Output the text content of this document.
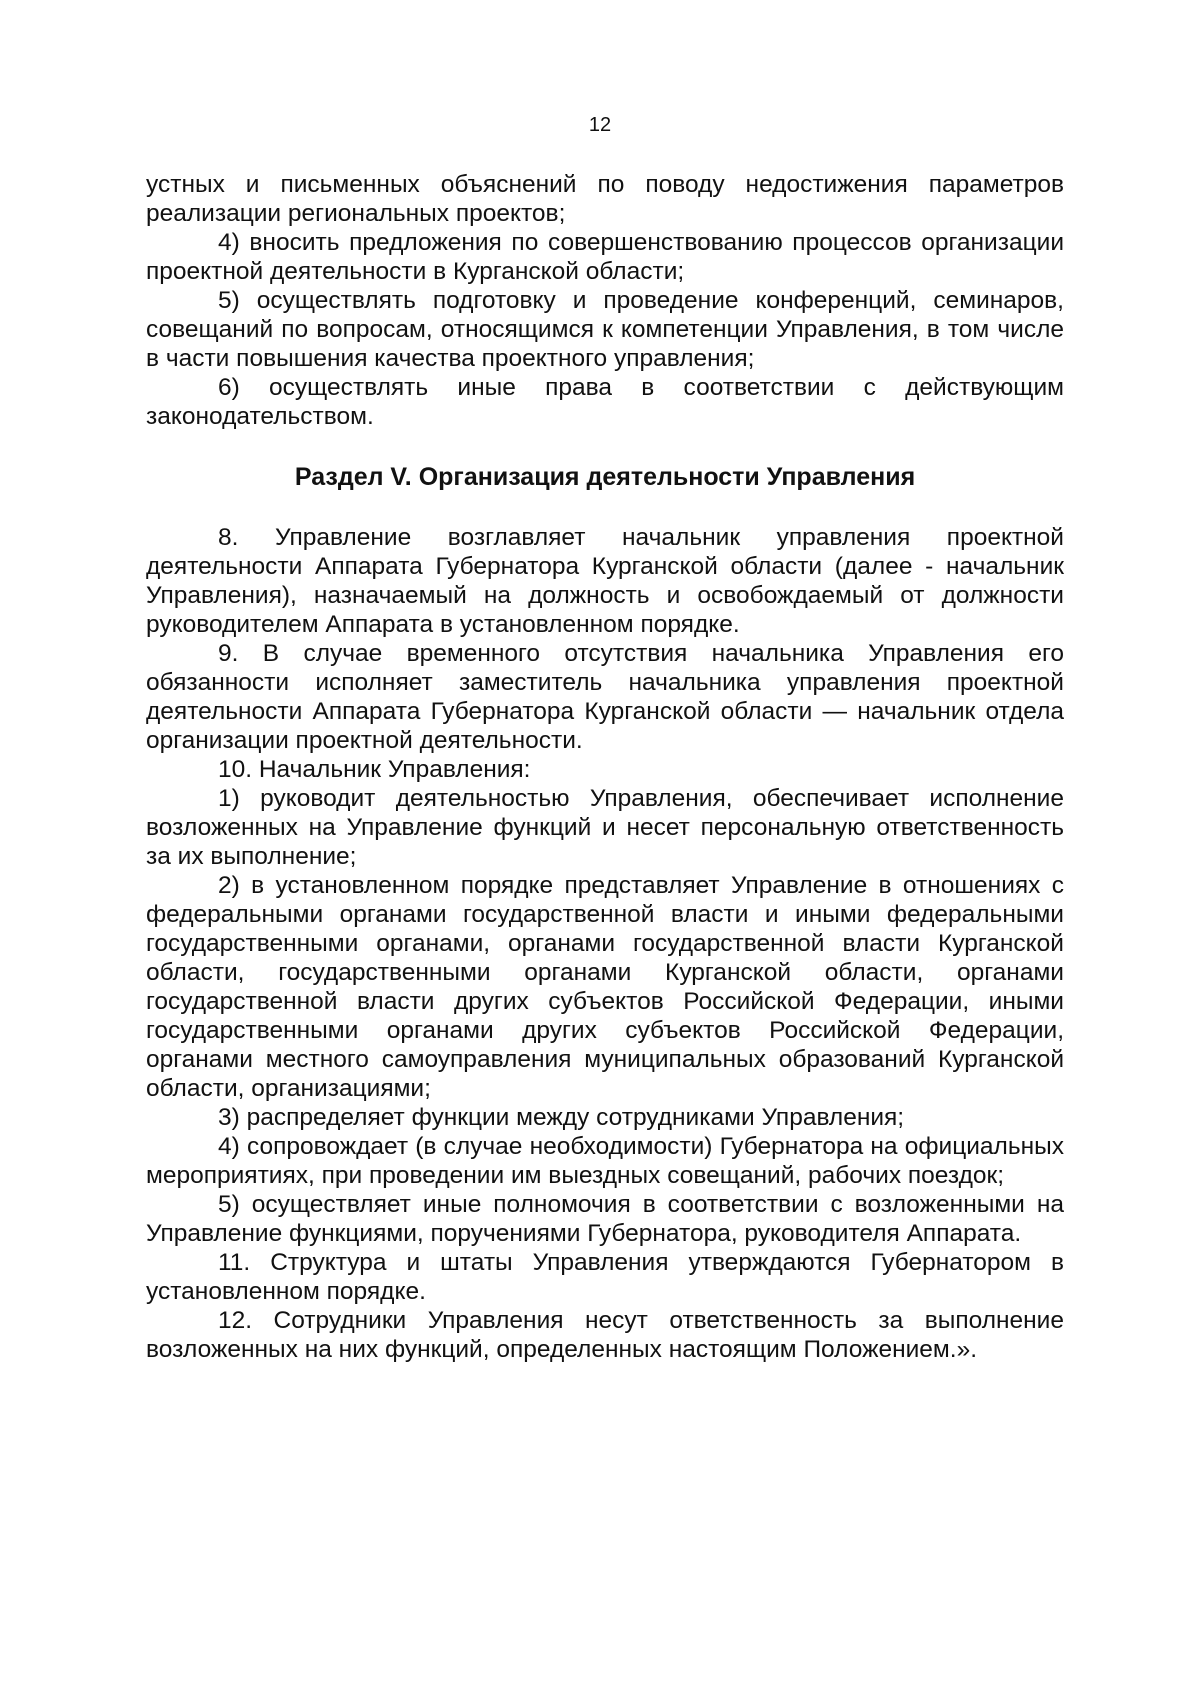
12

устных и письменных объяснений по поводу недостижения параметров реализации региональных проектов;

4) вносить предложения по совершенствованию процессов организации проектной деятельности в Курганской области;

5) осуществлять подготовку и проведение конференций, семинаров, совещаний по вопросам, относящимся к компетенции Управления, в том числе в части повышения качества проектного управления;

6) осуществлять иные права в соответствии с действующим законодательством.

Раздел V. Организация деятельности Управления

8. Управление возглавляет начальник управления проектной деятельности Аппарата Губернатора Курганской области (далее - начальник Управления), назначаемый на должность и освобождаемый от должности руководителем Аппарата в установленном порядке.

9. В случае временного отсутствия начальника Управления его обязанности исполняет заместитель начальника управления проектной деятельности Аппарата Губернатора Курганской области — начальник отдела организации проектной деятельности.

10. Начальник Управления:

1) руководит деятельностью Управления, обеспечивает исполнение возложенных на Управление функций и несет персональную ответственность за их выполнение;

2) в установленном порядке представляет Управление в отношениях с федеральными органами государственной власти и иными федеральными государственными органами, органами государственной власти Курганской области, государственными органами Курганской области, органами государственной власти других субъектов Российской Федерации, иными государственными органами других субъектов Российской Федерации, органами местного самоуправления муниципальных образований Курганской области, организациями;

3) распределяет функции между сотрудниками Управления;

4) сопровождает (в случае необходимости) Губернатора на официальных мероприятиях, при проведении им выездных совещаний, рабочих поездок;

5) осуществляет иные полномочия в соответствии с возложенными на Управление функциями, поручениями Губернатора, руководителя Аппарата.

11. Структура и штаты Управления утверждаются Губернатором в установленном порядке.

12. Сотрудники Управления несут ответственность за выполнение возложенных на них функций, определенных настоящим Положением.».
